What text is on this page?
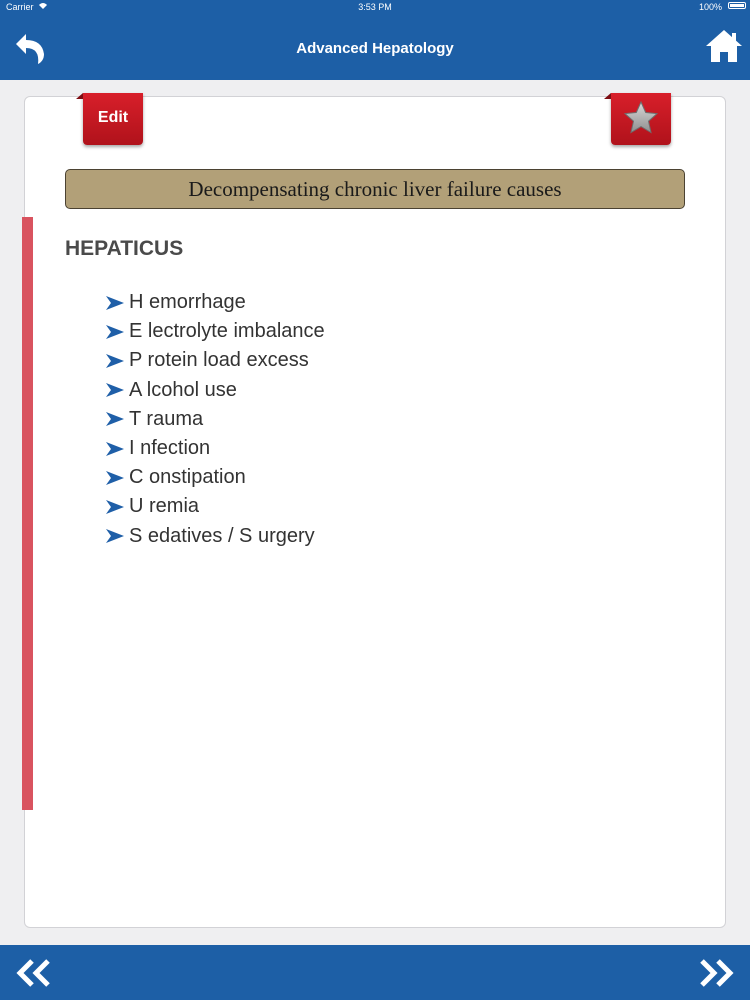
Carrier	3:53 PM	100%
Advanced Hepatology
Edit
Decompensating chronic liver failure causes
HEPATICUS
H emorrhage
E lectrolyte imbalance
P rotein load excess
A lcohol use
T rauma
I nfection
C onstipation
U remia
S edatives / S urgery
